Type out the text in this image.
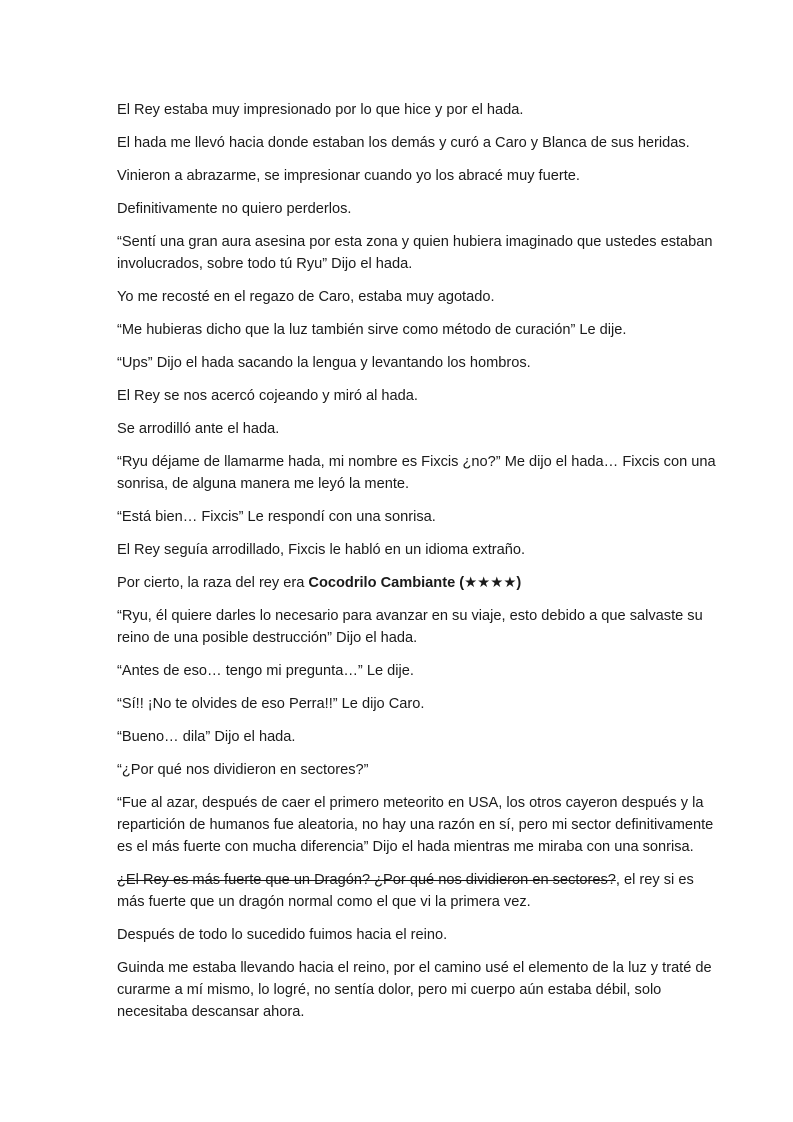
El Rey estaba muy impresionado por lo que hice y por el hada.

El hada me llevó hacia donde estaban los demás y curó a Caro y Blanca de sus heridas.

Vinieron a abrazarme, se impresionar cuando yo los abracé muy fuerte.

Definitivamente no quiero perderlos.

“Sentí una gran aura asesina por esta zona y quien hubiera imaginado que ustedes estaban involucrados, sobre todo tú Ryu” Dijo el hada.

Yo me recosté en el regazo de Caro, estaba muy agotado.

“Me hubieras dicho que la luz también sirve como método de curación” Le dije.

“Ups” Dijo el hada sacando la lengua y levantando los hombros.

El Rey se nos acercó cojeando y miró al hada.

Se arrodilló ante el hada.

“Ryu déjame de llamarme hada, mi nombre es Fixcis ¿no?” Me dijo el hada… Fixcis con una sonrisa, de alguna manera me leyó la mente.

“Está bien… Fixcis” Le respondí con una sonrisa.

El Rey seguía arrodillado, Fixcis le habló en un idioma extraño.

Por cierto, la raza del rey era Cocodrilo Cambiante (★★★★)

“Ryu, él quiere darles lo necesario para avanzar en su viaje, esto debido a que salvaste su reino de una posible destrucción” Dijo el hada.

“Antes de eso… tengo mi pregunta…” Le dije.

“Sí!! ¡No te olvides de eso Perra!!” Le dijo Caro.

“Bueno… dila” Dijo el hada.

“¿Por qué nos dividieron en sectores?”

“Fue al azar, después de caer el primero meteorito en USA, los otros cayeron después y la repartición de humanos fue aleatoria, no hay una razón en sí, pero mi sector definitivamente es el más fuerte con mucha diferencia” Dijo el hada mientras me miraba con una sonrisa.

¿El Rey es más fuerte que un Dragón? ¿Por qué nos dividieron en sectores?, el rey si es más fuerte que un dragón normal como el que vi la primera vez.

Después de todo lo sucedido fuimos hacia el reino.

Guinda me estaba llevando hacia el reino, por el camino usé el elemento de la luz y traté de curarme a mí mismo, lo logré, no sentía dolor, pero mi cuerpo aún estaba débil, solo necesitaba descansar ahora.
